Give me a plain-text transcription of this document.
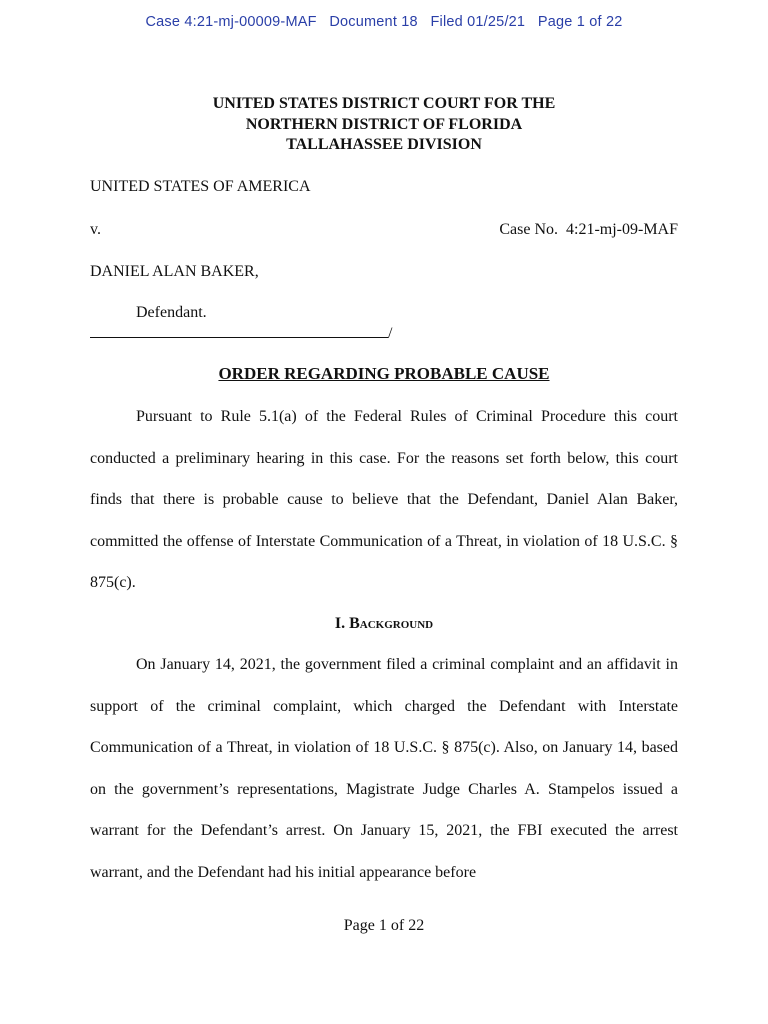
Case 4:21-mj-00009-MAF Document 18 Filed 01/25/21 Page 1 of 22
UNITED STATES DISTRICT COURT FOR THE
NORTHERN DISTRICT OF FLORIDA
TALLAHASSEE DIVISION
UNITED STATES OF AMERICA
v.	Case No.  4:21-mj-09-MAF
DANIEL ALAN BAKER,
Defendant.
/
ORDER REGARDING PROBABLE CAUSE

Pursuant to Rule 5.1(a) of the Federal Rules of Criminal Procedure this court conducted a preliminary hearing in this case. For the reasons set forth below, this court finds that there is probable cause to believe that the Defendant, Daniel Alan Baker, committed the offense of Interstate Communication of a Threat, in violation of 18 U.S.C. § 875(c).

I. Background

On January 14, 2021, the government filed a criminal complaint and an affidavit in support of the criminal complaint, which charged the Defendant with Interstate Communication of a Threat, in violation of 18 U.S.C. § 875(c). Also, on January 14, based on the government’s representations, Magistrate Judge Charles A. Stampelos issued a warrant for the Defendant’s arrest. On January 15, 2021, the FBI executed the arrest warrant, and the Defendant had his initial appearance before

Page 1 of 22
